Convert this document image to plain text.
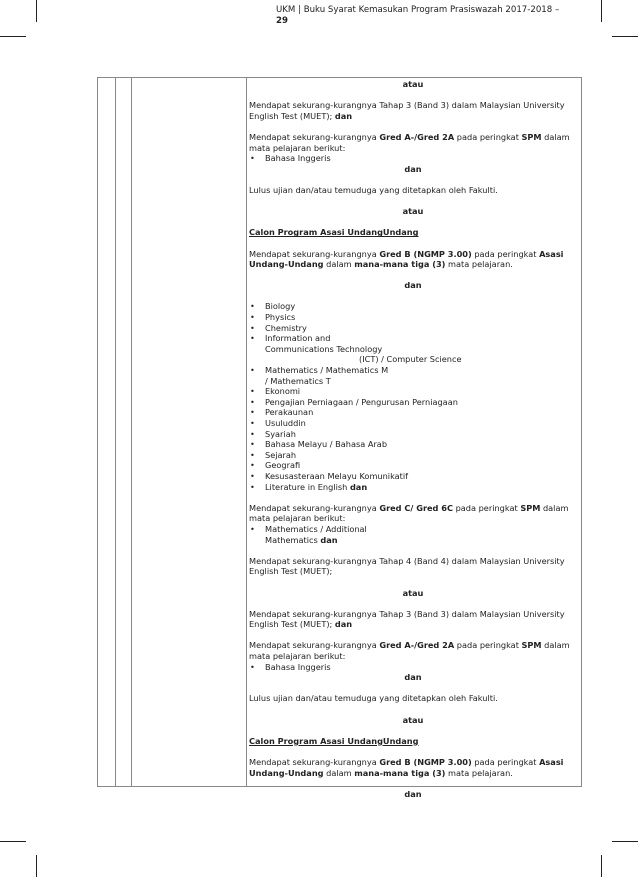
UKM | Buku Syarat Kemasukan Program Prasiswazah 2017-2018 –
29

atau

Mendapat sekurang-kurangnya Tahap 3 (Band 3) dalam Malaysian University
English Test (MUET); dan

Mendapat sekurang-kurangnya Gred A-/Gred 2A pada peringkat SPM dalam

mata pelajaran berikut:

• Bahasa Inggeris

dan

Lulus ujian dan/atau temuduga yang ditetapkan oleh Fakulti.

atau

Calon Program Asasi UndangUndang

Mendapat sekurang-kurangnya Gred B (NGMP 3.00) pada peringkat Asasi
Undang-Undang dalam mana-mana tiga (3) mata pelajaran.

dan

• Biology

• Physics

• Chemistry

• Information and

Communications Technology

(ICT) / Computer Science

• Mathematics / Mathematics M

/ Mathematics T

• Ekonomi

• Pengajian Perniagaan / Pengurusan Perniagaan

• Perakaunan

• Usuluddin

• Syariah

• Bahasa Melayu / Bahasa Arab

• Sejarah

• Geografi

• Kesusasteraan Melayu Komunikatif

• Literature in English dan

Mendapat sekurang-kurangnya Gred C/ Gred 6C pada peringkat SPM dalam

mata pelajaran berikut:

• Mathematics / Additional

Mathematics dan

Mendapat sekurang-kurangnya Tahap 4 (Band 4) dalam Malaysian University
English Test (MUET);

atau

Mendapat sekurang-kurangnya Tahap 3 (Band 3) dalam Malaysian University
English Test (MUET); dan

Mendapat sekurang-kurangnya Gred A-/Gred 2A pada peringkat SPM dalam

mata pelajaran berikut:

• Bahasa Inggeris

dan

Lulus ujian dan/atau temuduga yang ditetapkan oleh Fakulti.

atau

Calon Program Asasi UndangUndang

Mendapat sekurang-kurangnya Gred B (NGMP 3.00) pada peringkat Asasi
Undang-Undang dalam mana-mana tiga (3) mata pelajaran.

dan
